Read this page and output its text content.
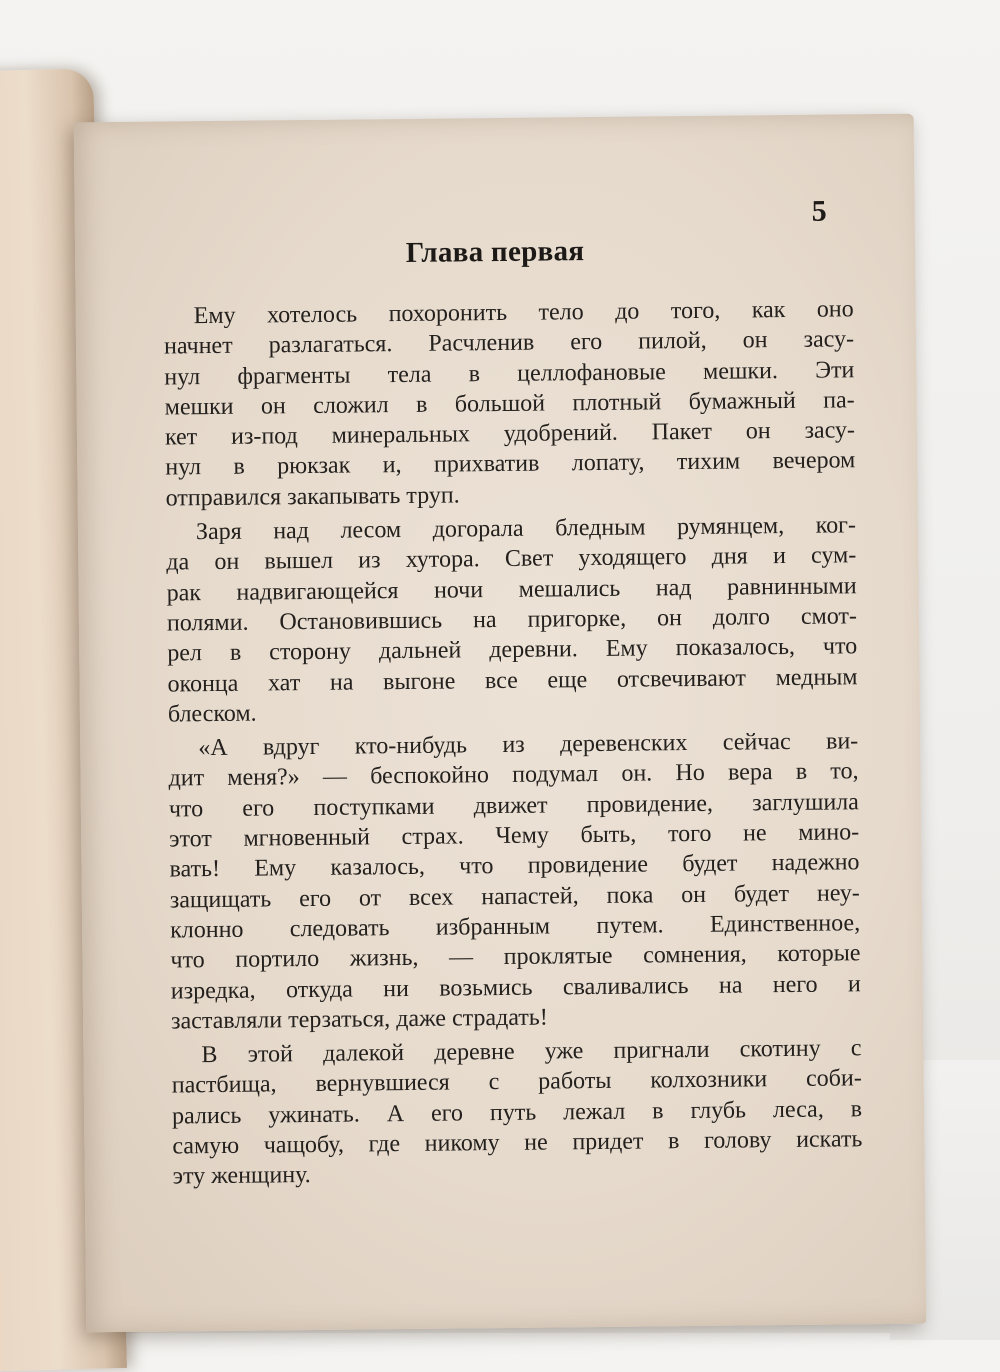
5
Глава первая

Ему хотелось похоронить тело до того, как оно
начнет разлагаться. Расчленив его пилой, он засу-
нул фрагменты тела в целлофановые мешки. Эти
мешки он сложил в большой плотный бумажный па-
кет из-под минеральных удобрений. Пакет он засу-
нул в рюкзак и, прихватив лопату, тихим вечером
отправился закапывать труп.

Заря над лесом догорала бледным румянцем, ког-
да он вышел из хутора. Свет уходящего дня и сум-
рак надвигающейся ночи мешались над равнинными
полями. Остановившись на пригорке, он долго смот-
рел в сторону дальней деревни. Ему показалось, что
оконца хат на выгоне все еще отсвечивают медным
блеском.

«А вдруг кто-нибудь из деревенских сейчас ви-
дит меня?» — беспокойно подумал он. Но вера в то,
что его поступками движет провидение, заглушила
этот мгновенный страх. Чему быть, того не мино-
вать! Ему казалось, что провидение будет надежно
защищать его от всех напастей, пока он будет неу-
клонно следовать избранным путем. Единственное,
что портило жизнь, — проклятые сомнения, которые
изредка, откуда ни возьмись сваливались на него и
заставляли терзаться, даже страдать!

В этой далекой деревне уже пригнали скотину с
пастбища, вернувшиеся с работы колхозники соби-
рались ужинать. А его путь лежал в глубь леса, в
самую чащобу, где никому не придет в голову искать
эту женщину.
